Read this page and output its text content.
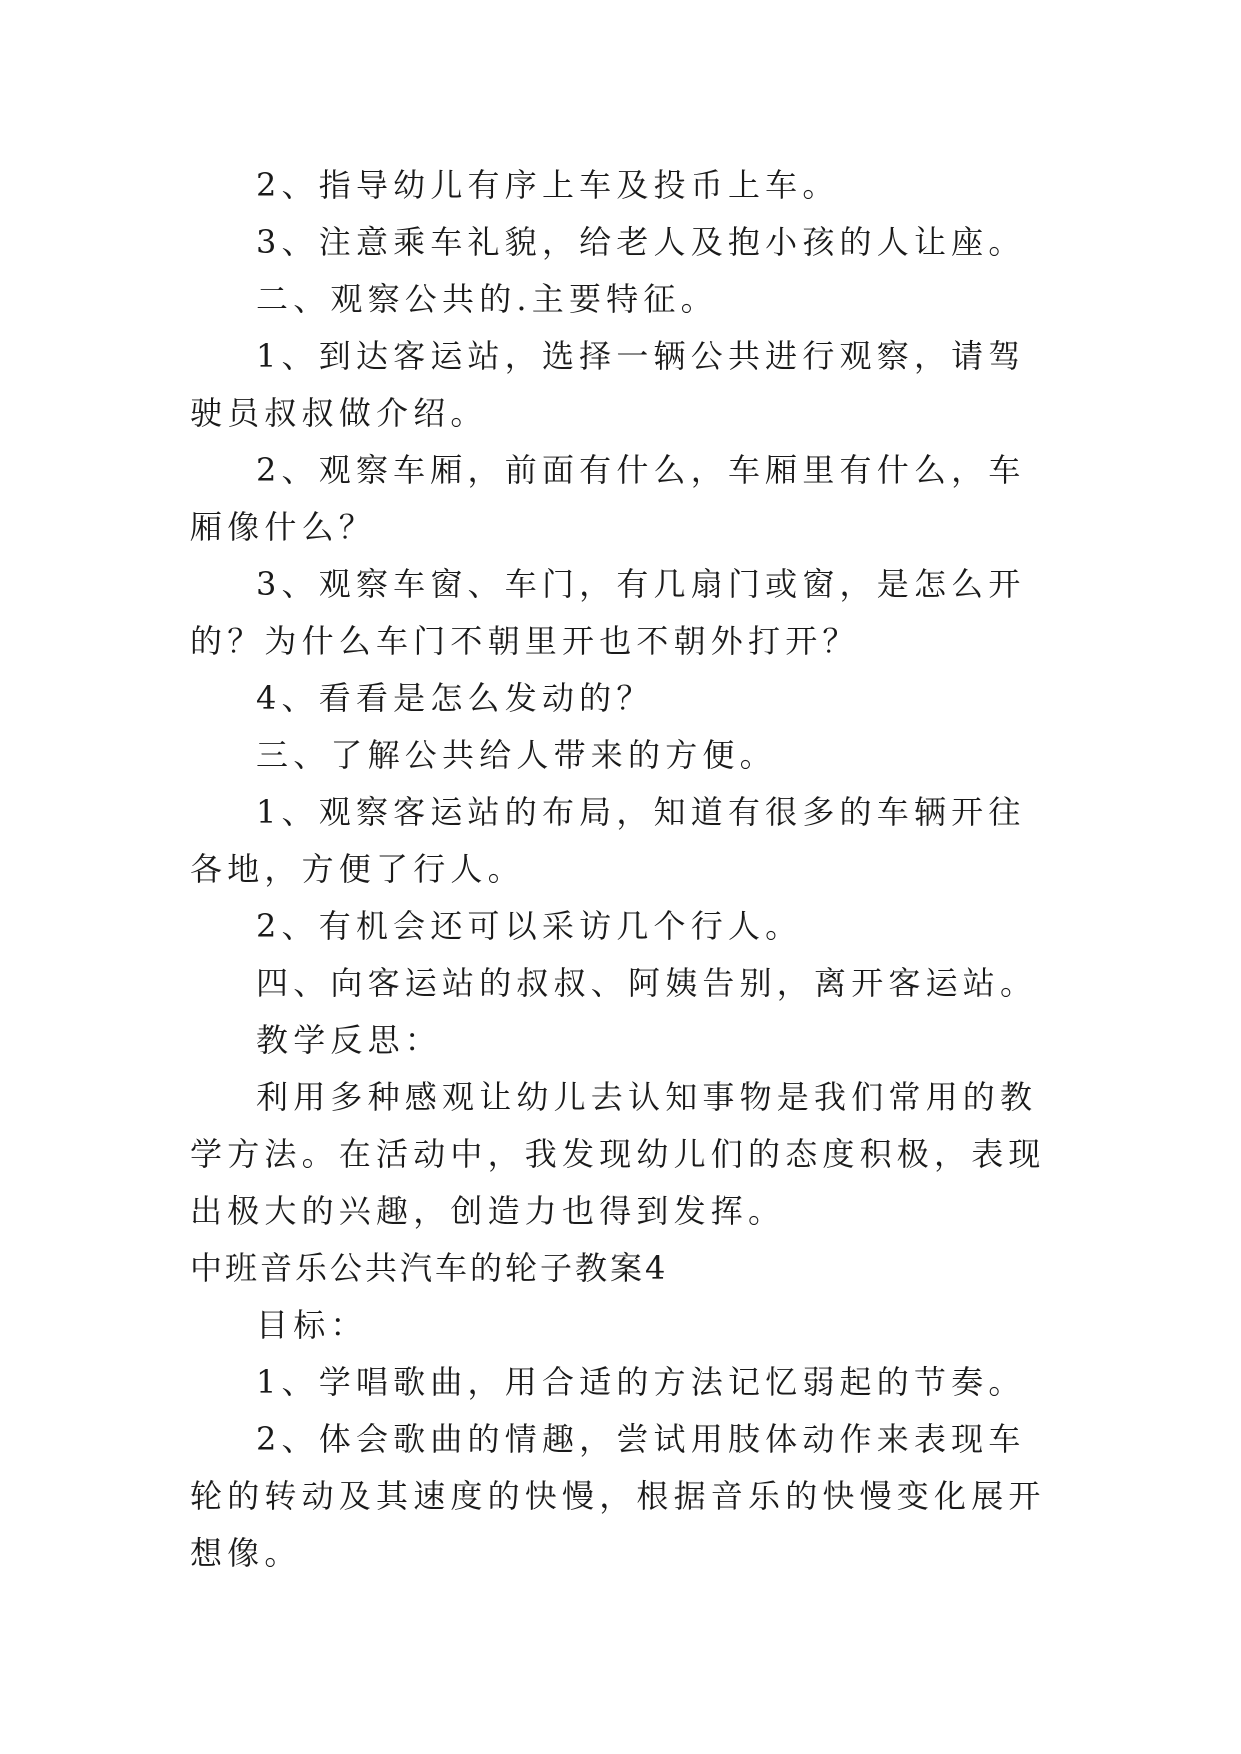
2、指导幼儿有序上车及投币上车。

3、注意乘车礼貌，给老人及抱小孩的人让座。

二、观察公共的.主要特征。

1、到达客运站，选择一辆公共进行观察，请驾驶员叔叔做介绍。

2、观察车厢，前面有什么，车厢里有什么，车厢像什么？

3、观察车窗、车门，有几扇门或窗，是怎么开的？为什么车门不朝里开也不朝外打开？

4、看看是怎么发动的？

三、了解公共给人带来的方便。

1、观察客运站的布局，知道有很多的车辆开往各地，方便了行人。

2、有机会还可以采访几个行人。

四、向客运站的叔叔、阿姨告别，离开客运站。

教学反思：

利用多种感观让幼儿去认知事物是我们常用的教学方法。在活动中，我发现幼儿们的态度积极，表现出极大的兴趣，创造力也得到发挥。

中班音乐公共汽车的轮子教案4

目标：

1、学唱歌曲，用合适的方法记忆弱起的节奏。

2、体会歌曲的情趣，尝试用肢体动作来表现车轮的转动及其速度的快慢，根据音乐的快慢变化展开想像。
